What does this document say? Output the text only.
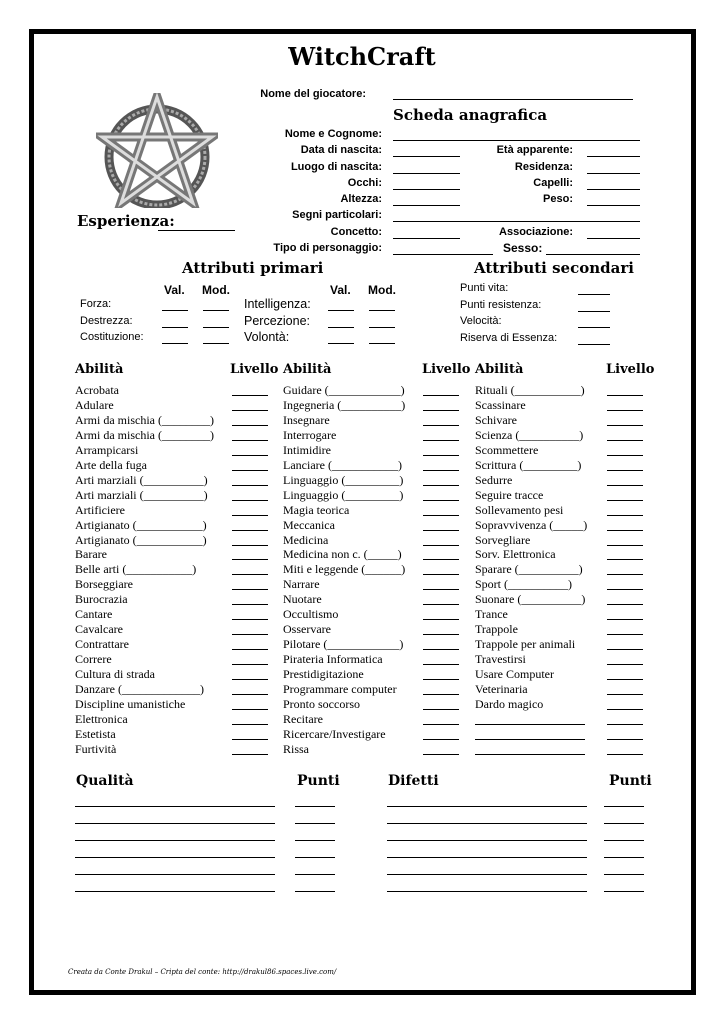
WitchCraft
Nome del giocatore:
Scheda anagrafica
Esperienza:
Nome e Cognome:
Data di nascita:
Luogo di nascita:
Occhi:
Altezza:
Segni particolari:
Concetto:
Tipo di personaggio:
Età apparente:
Residenza:
Capelli:
Peso:
Associazione:
Sesso:
Attributi primari	Attributi secondari
Val. Mod.	Val. Mod.
Forza:
Destrezza:
Costituzione:
Intelligenza:
Percezione:
Volontà:
Punti vita:
Punti resistenza:
Velocità:
Riserva di Essenza:
Abilità	Livello
Acrobata
Adulare
Armi da mischia (________)
Armi da mischia (________)
Arrampicarsi
Arte della fuga
Arti marziali (__________)
Arti marziali (__________)
Artificiere
Artigianato (___________)
Artigianato (___________)
Barare
Belle arti (___________)
Borseggiare
Burocrazia
Cantare
Cavalcare
Contrattare
Correre
Cultura di strada
Danzare (_____________)
Discipline umanistiche
Elettronica
Estetista
Furtività
Abilità	Livello
Guidare (____________)
Ingegneria (__________)
Insegnare
Interrogare
Intimidire
Lanciare (___________)
Linguaggio (_________)
Linguaggio (_________)
Magia teorica
Meccanica
Medicina
Medicina non c. (_____)
Miti e leggende (______)
Narrare
Nuotare
Occultismo
Osservare
Pilotare (____________)
Pirateria Informatica
Prestidigitazione
Programmare computer
Pronto soccorso
Recitare
Ricercare/Investigare
Rissa
Abilità	Livello
Rituali (___________)
Scassinare
Schivare
Scienza (__________)
Scommettere
Scrittura (_________)
Sedurre
Seguire tracce
Sollevamento pesi
Sopravvivenza (_____)
Sorvegliare
Sorv. Elettronica
Sparare (__________)
Sport (__________)
Suonare (__________)
Trance
Trappole
Trappole per animali
Travestirsi
Usare Computer
Veterinaria
Dardo magico
Qualità	Punti	Difetti	Punti
Creata da Conte Drakul – Cripta del conte: http://drakul86.spaces.live.com/
